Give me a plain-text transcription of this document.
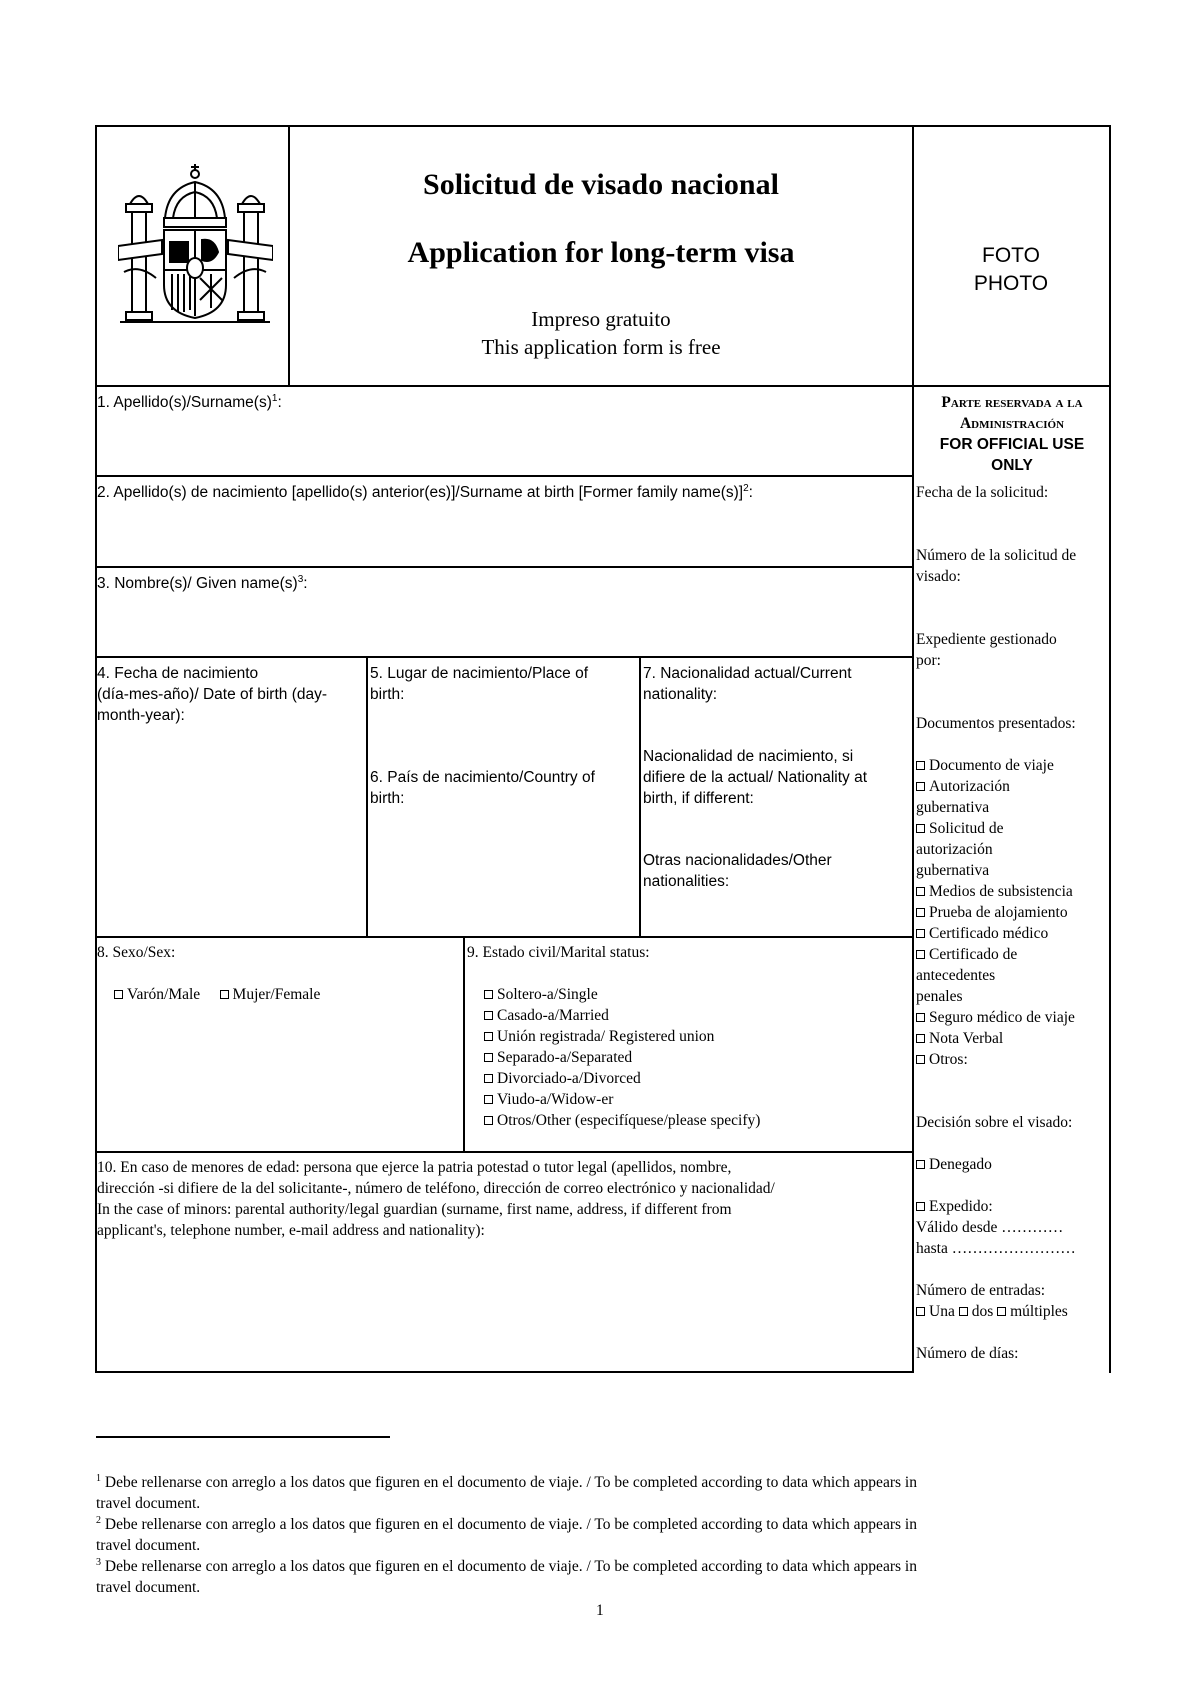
Solicitud de visado nacional
Application for long-term visa
Impreso gratuito
This application form is free
FOTO
PHOTO
1. $Apellido(s)/Surname(s)^1$:
2. Apellido(s) de nacimiento [apellido(s) anterior(es)]/Surname at birth [Former family name(s)]$^2$:
3. Nombre(s)/ Given $name(s)^3$:
4. Fecha de nacimiento
(día-mes-año)/ Date of birth (day-
month-year):
5. Lugar de nacimiento/Place of
birth:
6. País de nacimiento/Country of
birth:
7. Nacionalidad actual/Current
nationality:
Nacionalidad de nacimiento, si
difiere de la actual/ Nationality at
birth, if different:
Otras nacionalidades/Other
nationalities:
8. Sexo/Sex:
Varón/Male Mujer/Female
9. Estado civil/Marital status:
Soltero-a/Single
Casado-a/Married
Unión registrada/ Registered union
Separado-a/Separated
Divorciado-a/Divorced
Viudo-a/Widow-er
Otros/Other (especifíquese/please specify)
10. En caso de menores de edad: persona que ejerce la patria potestad o tutor legal (apellidos, nombre,
dirección -si difiere de la del solicitante-, número de teléfono, dirección de correo electrónico y nacionalidad/
In the case of minors: parental authority/legal guardian (surname, first name, address, if different from
applicant's, telephone number, e-mail address and nationality):
Parte reservada a la
Administración
FOR OFFICIAL USE
ONLY
Fecha de la solicitud:
Número de la solicitud de
visado:
Expediente gestionado
por:
Documentos presentados:
Documento de viaje
Autorización
gubernativa
Solicitud de
autorización
gubernativa
Medios de subsistencia
Prueba de alojamiento
Certificado médico
Certificado de
antecedentes
penales
Seguro médico de viaje
Nota Verbal
Otros:
Decisión sobre el visado:
Denegado
Expedido:
Válido desde …………
hasta ……………………
Número de entradas:
Una dos múltiples
Número de días:
$^1$ Debe rellenarse con arreglo a los datos que figuren en el documento de viaje. / To be completed according to data which appears in
travel document.
$^2$ Debe rellenarse con arreglo a los datos que figuren en el documento de viaje. / To be completed according to data which appears in
travel document.
$^3$ Debe rellenarse con arreglo a los datos que figuren en el documento de viaje. / To be completed according to data which appears in
travel document.
1
